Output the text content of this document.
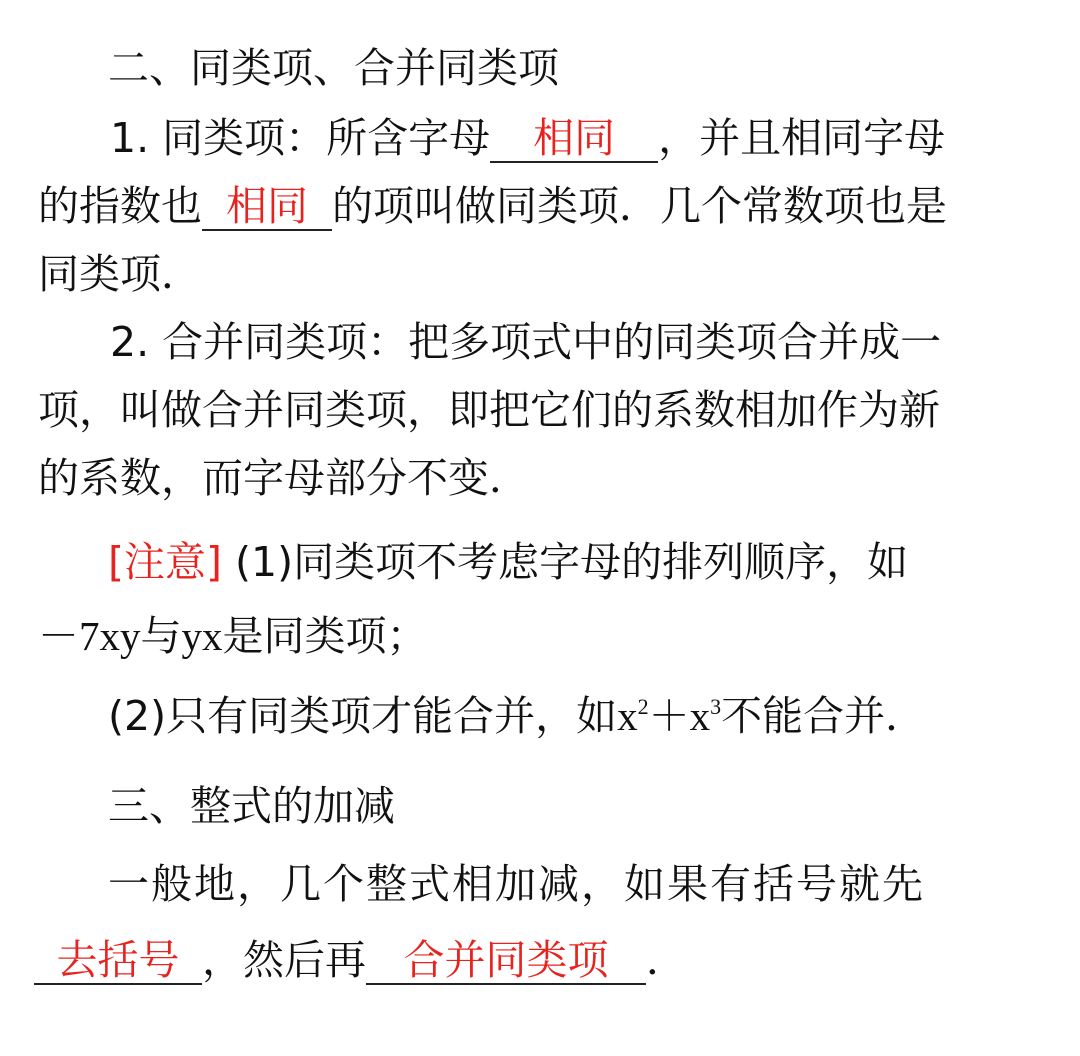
二、同类项、合并同类项
1. 同类项：所含字母 相同 ，并且相同字母
的指数也 相同 的项叫做同类项．几个常数项也是
同类项．
2. 合并同类项：把多项式中的同类项合并成一
项，叫做合并同类项，即把它们的系数相加作为新
的系数，而字母部分不变．
[注意] (1)同类项不考虑字母的排列顺序，如
－7xy与yx是同类项；
(2)只有同类项才能合并，如$x^2+x^3$不能合并．
三、整式的加减
一般地，几个整式相加减，如果有括号就先
去括号 ，然后再 合并同类项 ．
